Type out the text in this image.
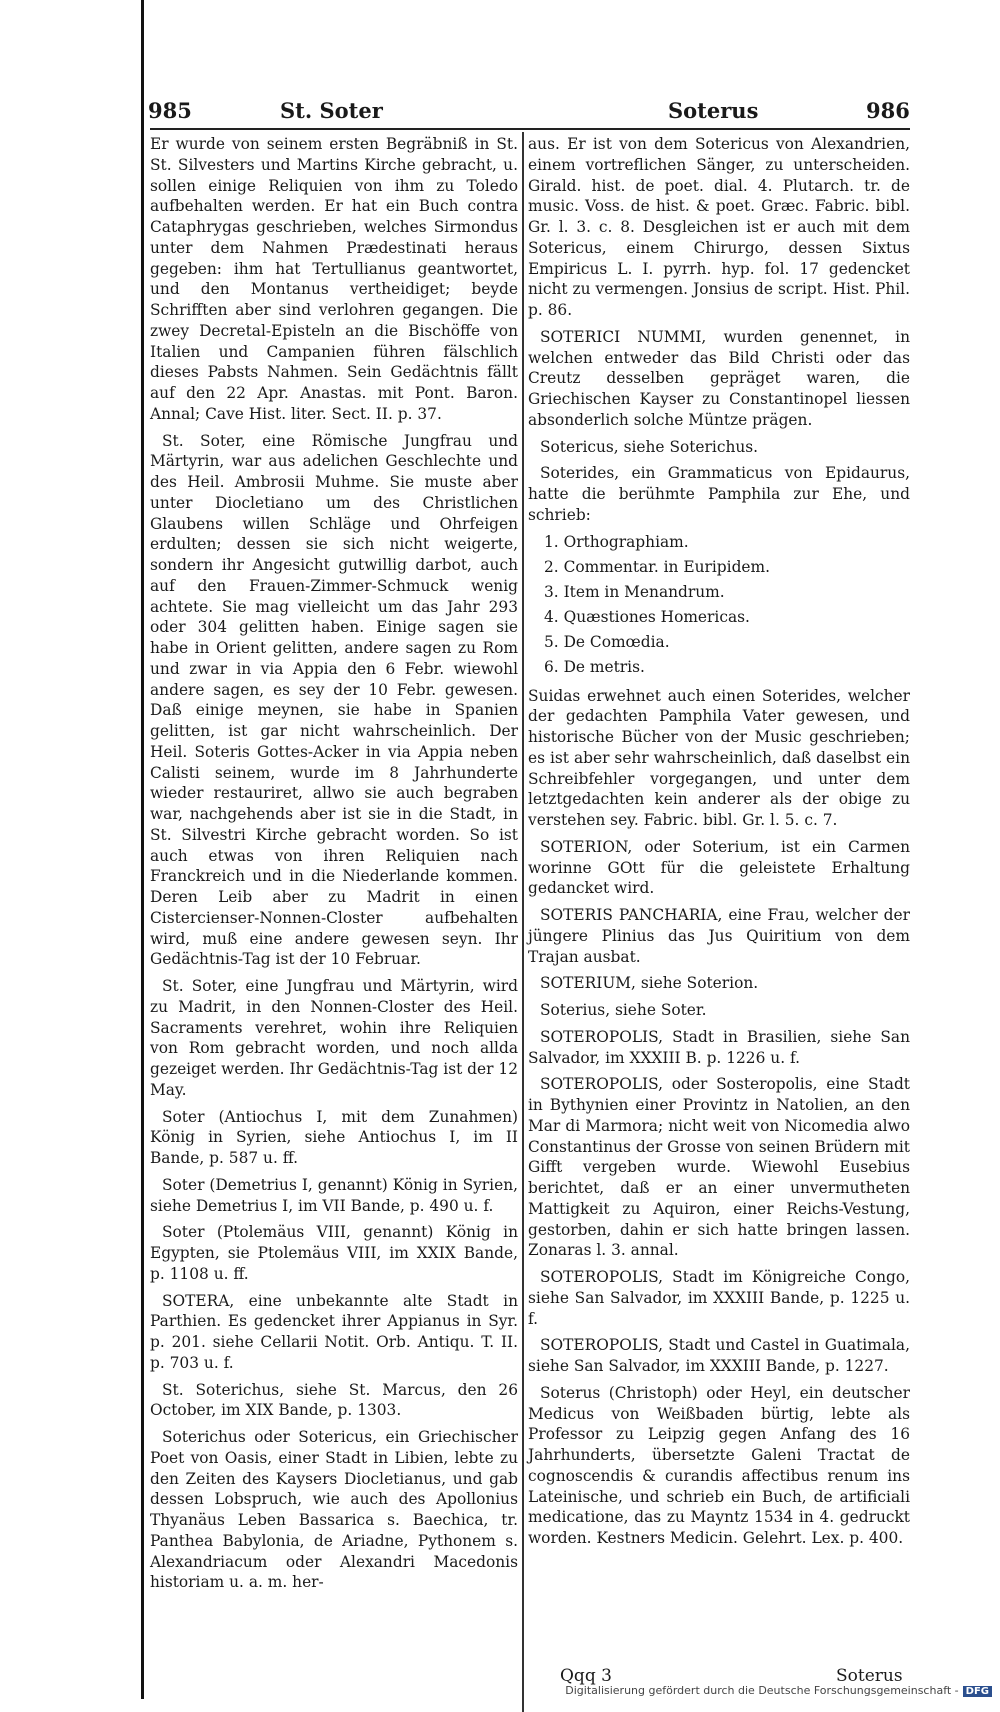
985	St. Soter	Soterus	986

Er wurde von seinem ersten Begräbniß in St. St. Silvesters und Martins Kirche gebracht, u. sollen einige Reliquien von ihm zu Toledo aufbehalten werden. Er hat ein Buch contra Cataphrygas geschrieben, welches Sirmondus unter dem Nahmen Prædestinati heraus gegeben: ihm hat Tertullianus geantwortet, und den Montanus vertheidiget; beyde Schrifften aber sind verlohren gegangen. Die zwey Decretal-Episteln an die Bischöffe von Italien und Campanien führen fälschlich dieses Pabsts Nahmen. Sein Gedächtnis fällt auf den 22 Apr. Anastas. mit Pont. Baron. Annal; Cave Hist. liter. Sect. II. p. 37.

St. Soter, eine Römische Jungfrau und Märtyrin, war aus adelichen Geschlechte und des Heil. Ambrosii Muhme. Sie muste aber unter Diocletiano um des Christlichen Glaubens willen Schläge und Ohrfeigen erdulten; dessen sie sich nicht weigerte, sondern ihr Angesicht gutwillig darbot, auch auf den Frauen-Zimmer-Schmuck wenig achtete. Sie mag vielleicht um das Jahr 293 oder 304 gelitten haben. Einige sagen sie habe in Orient gelitten, andere sagen zu Rom und zwar in via Appia den 6 Febr. wiewohl andere sagen, es sey der 10 Febr. gewesen. Daß einige meynen, sie habe in Spanien gelitten, ist gar nicht wahrscheinlich. Der Heil. Soteris Gottes-Acker in via Appia neben Calisti seinem, wurde im 8 Jahrhunderte wieder restauriret, allwo sie auch begraben war, nachgehends aber ist sie in die Stadt, in St. Silvestri Kirche gebracht worden. So ist auch etwas von ihren Reliquien nach Franckreich und in die Niederlande kommen. Deren Leib aber zu Madrit in einen Cistercienser-Nonnen-Closter aufbehalten wird, muß eine andere gewesen seyn. Ihr Gedächtnis-Tag ist der 10 Februar.

St. Soter, eine Jungfrau und Märtyrin, wird zu Madrit, in den Nonnen-Closter des Heil. Sacraments verehret, wohin ihre Reliquien von Rom gebracht worden, und noch allda gezeiget werden. Ihr Gedächtnis-Tag ist der 12 May.

Soter (Antiochus I, mit dem Zunahmen) König in Syrien, siehe Antiochus I, im II Bande, p. 587 u. ff.

Soter (Demetrius I, genannt) König in Syrien, siehe Demetrius I, im VII Bande, p. 490 u. f.

Soter (Ptolemäus VIII, genannt) König in Egypten, sie Ptolemäus VIII, im XXIX Bande, p. 1108 u. ff.

SOTERA, eine unbekannte alte Stadt in Parthien. Es gedencket ihrer Appianus in Syr. p. 201. siehe Cellarii Notit. Orb. Antiqu. T. II. p. 703 u. f.

St. Soterichus, siehe St. Marcus, den 26 October, im XIX Bande, p. 1303.

Soterichus oder Sotericus, ein Griechischer Poet von Oasis, einer Stadt in Libien, lebte zu den Zeiten des Kaysers Diocletianus, und gab dessen Lobspruch, wie auch des Apollonius Thyanäus Leben Bassarica s. Baechica, tr. Panthea Babylonia, de Ariadne, Pythonem s. Alexandriacum oder Alexandri Macedonis historiam u. a. m. her-

aus. Er ist von dem Sotericus von Alexandrien, einem vortreflichen Sänger, zu unterscheiden. Girald. hist. de poet. dial. 4. Plutarch. tr. de music. Voss. de hist. & poet. Græc. Fabric. bibl. Gr. l. 3. c. 8. Desgleichen ist er auch mit dem Sotericus, einem Chirurgo, dessen Sixtus Empiricus L. I. pyrrh. hyp. fol. 17 gedencket nicht zu vermengen. Jonsius de script. Hist. Phil. p. 86.

SOTERICI NUMMI, wurden genennet, in welchen entweder das Bild Christi oder das Creutz desselben gepräget waren, die Griechischen Kayser zu Constantinopel liessen absonderlich solche Müntze prägen.

Sotericus, siehe Soterichus.

Soterides, ein Grammaticus von Epidaurus, hatte die berühmte Pamphila zur Ehe, und schrieb:

1. Orthographiam.
2. Commentar. in Euripidem.
3. Item in Menandrum.
4. Quæstiones Homericas.
5. De Comœdia.
6. De metris.

Suidas erwehnet auch einen Soterides, welcher der gedachten Pamphila Vater gewesen, und historische Bücher von der Music geschrieben; es ist aber sehr wahrscheinlich, daß daselbst ein Schreibfehler vorgegangen, und unter dem letztgedachten kein anderer als der obige zu verstehen sey. Fabric. bibl. Gr. l. 5. c. 7.

SOTERION, oder Soterium, ist ein Carmen worinne GOtt für die geleistete Erhaltung gedancket wird.

SOTERIS PANCHARIA, eine Frau, welcher der jüngere Plinius das Jus Quiritium von dem Trajan ausbat.

SOTERIUM, siehe Soterion.

Soterius, siehe Soter.

SOTEROPOLIS, Stadt in Brasilien, siehe San Salvador, im XXXIII B. p. 1226 u. f.

SOTEROPOLIS, oder Sosteropolis, eine Stadt in Bythynien einer Provintz in Natolien, an den Mar di Marmora; nicht weit von Nicomedia alwo Constantinus der Grosse von seinen Brüdern mit Gifft vergeben wurde. Wiewohl Eusebius berichtet, daß er an einer unvermutheten Mattigkeit zu Aquiron, einer Reichs-Vestung, gestorben, dahin er sich hatte bringen lassen. Zonaras l. 3. annal.

SOTEROPOLIS, Stadt im Königreiche Congo, siehe San Salvador, im XXXIII Bande, p. 1225 u. f.

SOTEROPOLIS, Stadt und Castel in Guatimala, siehe San Salvador, im XXXIII Bande, p. 1227.

Soterus (Christoph) oder Heyl, ein deutscher Medicus von Weißbaden bürtig, lebte als Professor zu Leipzig gegen Anfang des 16 Jahrhunderts, übersetzte Galeni Tractat de cognoscendis & curandis affectibus renum ins Lateinische, und schrieb ein Buch, de artificiali medicatione, das zu Mayntz 1534 in 4. gedruckt worden. Kestners Medicin. Gelehrt. Lex. p. 400.

Qqq 3	Soterus
Digitalisierung gefördert durch die Deutsche Forschungsgemeinschaft - DFG
